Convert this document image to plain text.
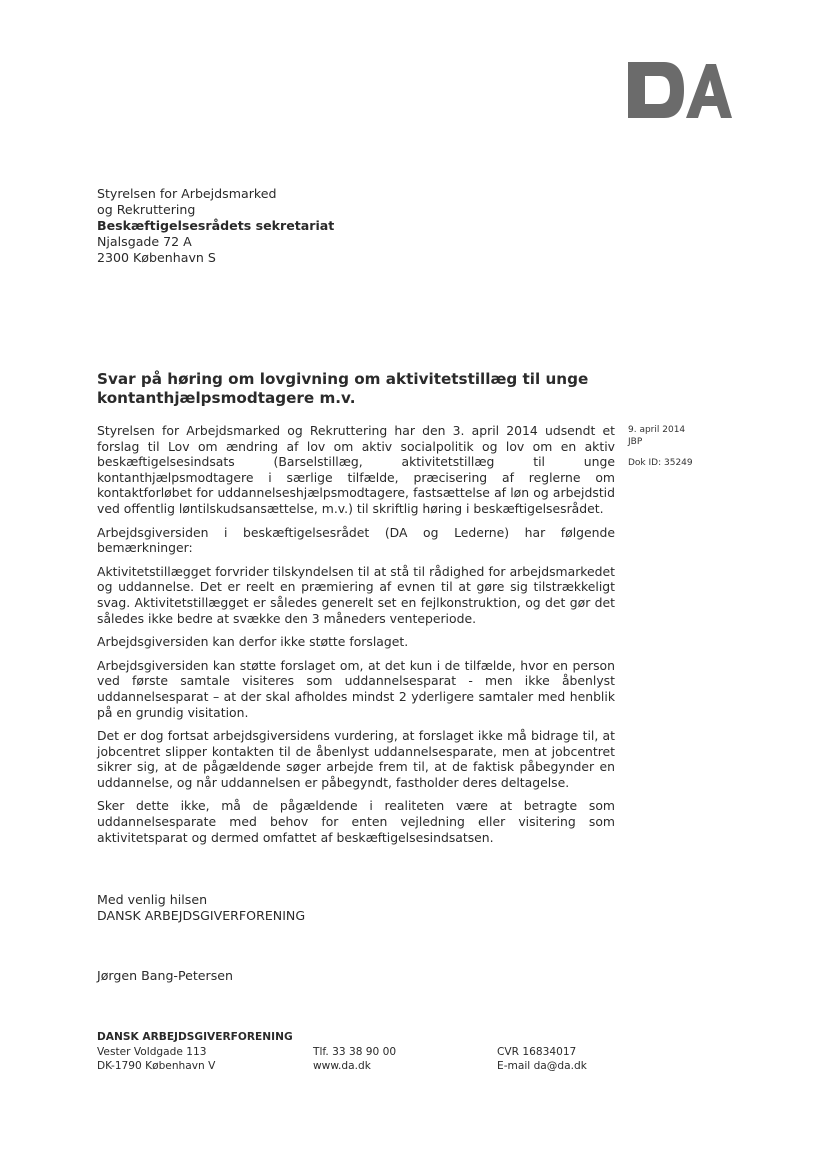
Styrelsen for Arbejdsmarked
og Rekruttering
Beskæftigelsesrådets sekretariat
Njalsgade 72 A
2300 København S
Svar på høring om lovgivning om aktivitetstillæg til unge kontanthjælpsmodtagere m.v.
9. april 2014
JBP
Dok ID: 35249

Styrelsen for Arbejdsmarked og Rekruttering har den 3. april 2014 udsendt et forslag til Lov om ændring af lov om aktiv socialpolitik og lov om en aktiv beskæftigelsesindsats (Barselstillæg, aktivitetstillæg til unge kontanthjælpsmodtagere i særlige tilfælde, præcisering af reglerne om kontaktforløbet for uddannelseshjælpsmodtagere, fastsættelse af løn og arbejdstid ved offentlig løntilskudsansættelse, m.v.) til skriftlig høring i beskæftigelsesrådet.

Arbejdsgiversiden i beskæftigelsesrådet (DA og Lederne) har følgende bemærkninger:

Aktivitetstillægget forvrider tilskyndelsen til at stå til rådighed for arbejdsmarkedet og uddannelse. Det er reelt en præmiering af evnen til at gøre sig tilstrækkeligt svag. Aktivitetstillægget er således generelt set en fejlkonstruktion, og det gør det således ikke bedre at svække den 3 måneders venteperiode.

Arbejdsgiversiden kan derfor ikke støtte forslaget.

Arbejdsgiversiden kan støtte forslaget om, at det kun i de tilfælde, hvor en person ved første samtale visiteres som uddannelsesparat - men ikke åbenlyst uddannelsesparat – at der skal afholdes mindst 2 yderligere samtaler med henblik på en grundig visitation.

Det er dog fortsat arbejdsgiversidens vurdering, at forslaget ikke må bidrage til, at jobcentret slipper kontakten til de åbenlyst uddannelsesparate, men at jobcentret sikrer sig, at de pågældende søger arbejde frem til, at de faktisk påbegynder en uddannelse, og når uddannelsen er påbegyndt, fastholder deres deltagelse.

Sker dette ikke, må de pågældende i realiteten være at betragte som uddannelsesparate med behov for enten vejledning eller visitering som aktivitetsparat og dermed omfattet af beskæftigelsesindsatsen.

Med venlig hilsen
DANSK ARBEJDSGIVERFORENING
Jørgen Bang-Petersen
DANSK ARBEJDSGIVERFORENING
Vester Voldgade 113
DK-1790 København V
Tlf. 33 38 90 00
www.da.dk
CVR 16834017
E-mail da@da.dk
